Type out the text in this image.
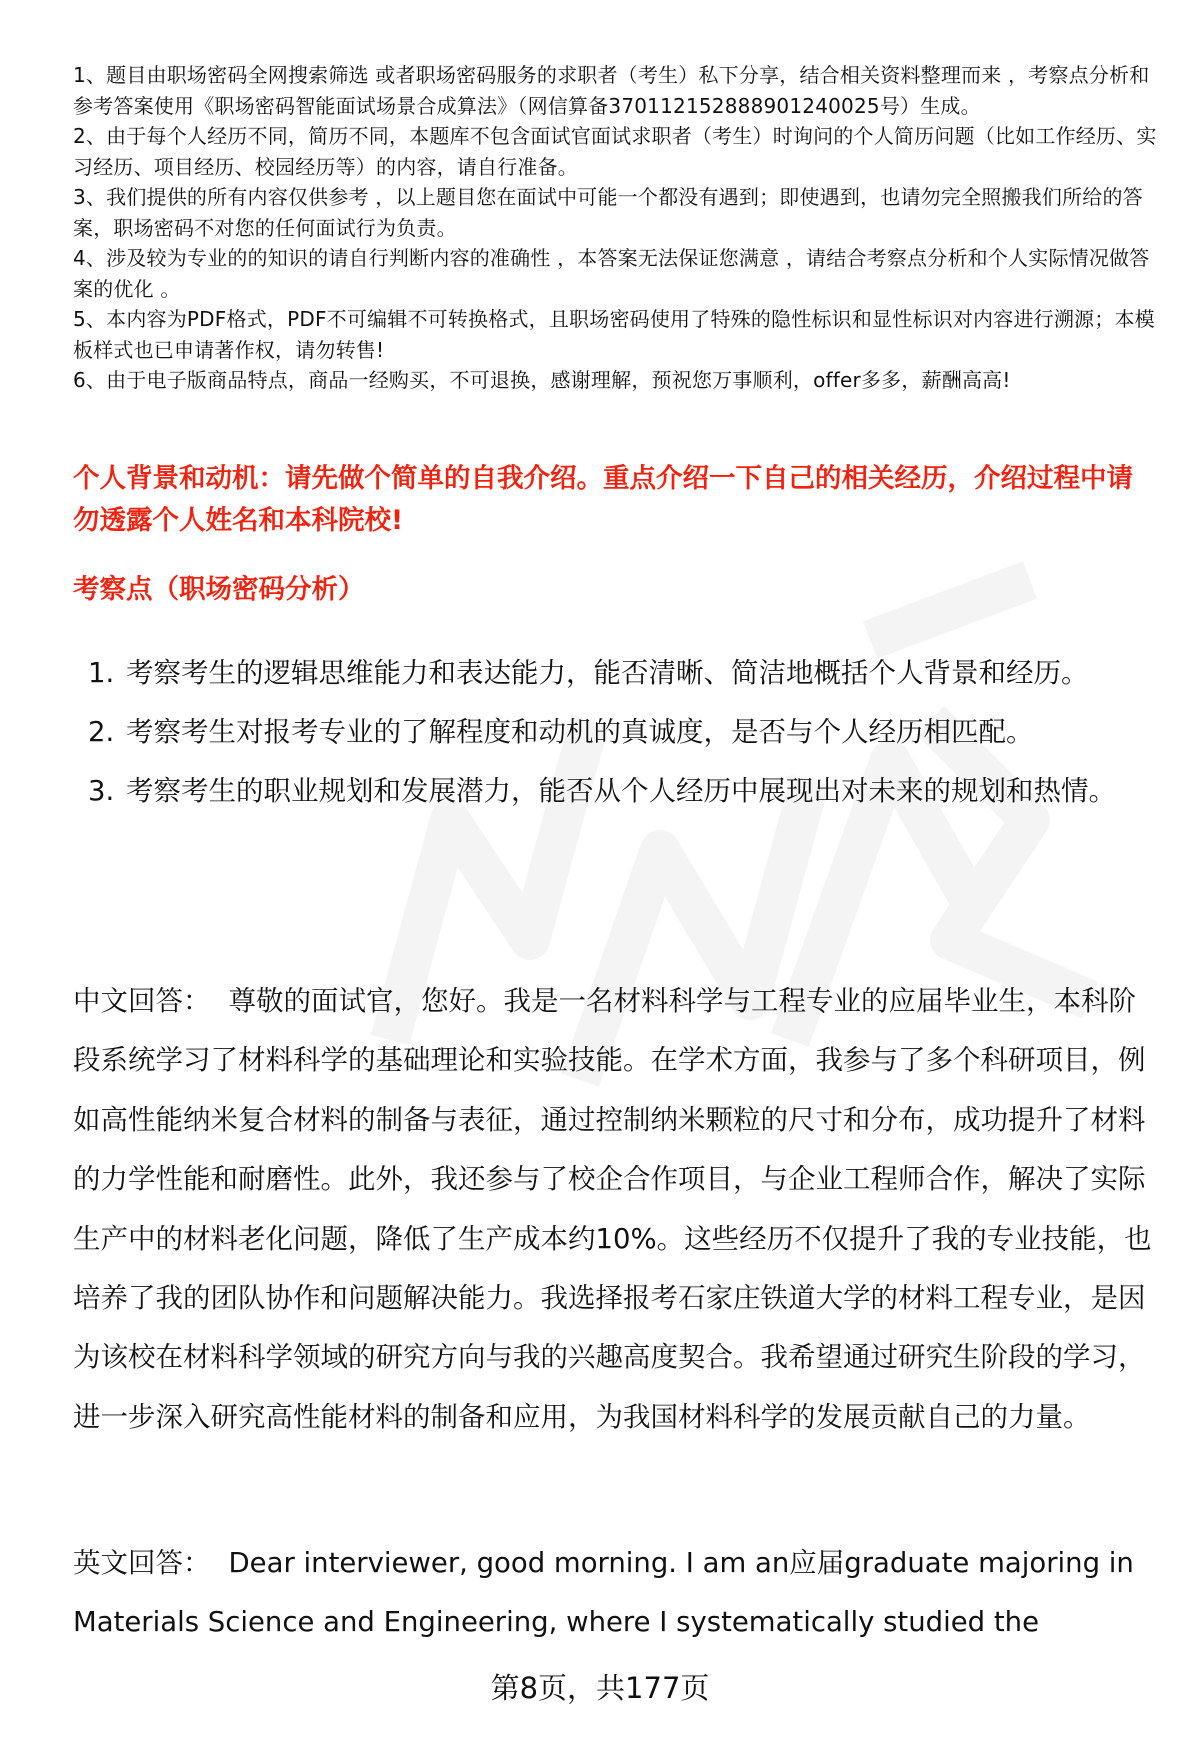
1、题目由职场密码全网搜索筛选 或者职场密码服务的求职者（考生）私下分享，结合相关资料整理而来 ，考察点分析和参考答案使用《职场密码智能面试场景合成算法》（网信算备370112152888901240025号）生成。

2、由于每个人经历不同，简历不同，本题库不包含面试官面试求职者（考生）时询问的个人简历问题（比如工作经历、实习经历、项目经历、校园经历等）的内容，请自行准备。

3、我们提供的所有内容仅供参考 ，以上题目您在面试中可能一个都没有遇到；即使遇到，也请勿完全照搬我们所给的答案，职场密码不对您的任何面试行为负责。

4、涉及较为专业的的知识的请自行判断内容的准确性 ，本答案无法保证您满意 ，请结合考察点分析和个人实际情况做答案的优化 。

5、本内容为PDF格式，PDF不可编辑不可转换格式，且职场密码使用了特殊的隐性标识和显性标识对内容进行溯源；本模板样式也已申请著作权，请勿转售!

6、由于电子版商品特点，商品一经购买，不可退换，感谢理解，预祝您万事顺利，offer多多，薪酬高高!

个人背景和动机：请先做个简单的自我介绍。重点介绍一下自己的相关经历，介绍过程中请勿透露个人姓名和本科院校!
考察点（职场密码分析）
1. 考察考生的逻辑思维能力和表达能力，能否清晰、简洁地概括个人背景和经历。
2. 考察考生对报考专业的了解程度和动机的真诚度，是否与个人经历相匹配。
3. 考察考生的职业规划和发展潜力，能否从个人经历中展现出对未来的规划和热情。

中文回答： 尊敬的面试官，您好。我是一名材料科学与工程专业的应届毕业生，本科阶段系统学习了材料科学的基础理论和实验技能。在学术方面，我参与了多个科研项目，例如高性能纳米复合材料的制备与表征，通过控制纳米颗粒的尺寸和分布，成功提升了材料的力学性能和耐磨性。此外，我还参与了校企合作项目，与企业工程师合作，解决了实际生产中的材料老化问题，降低了生产成本约10%。这些经历不仅提升了我的专业技能，也培养了我的团队协作和问题解决能力。我选择报考石家庄铁道大学的材料工程专业，是因为该校在材料科学领域的研究方向与我的兴趣高度契合。我希望通过研究生阶段的学习，进一步深入研究高性能材料的制备和应用，为我国材料科学的发展贡献自己的力量。

英文回答： Dear interviewer, good morning. I am an应届graduate majoring in Materials Science and Engineering, where I systematically studied the

第8页，共177页
